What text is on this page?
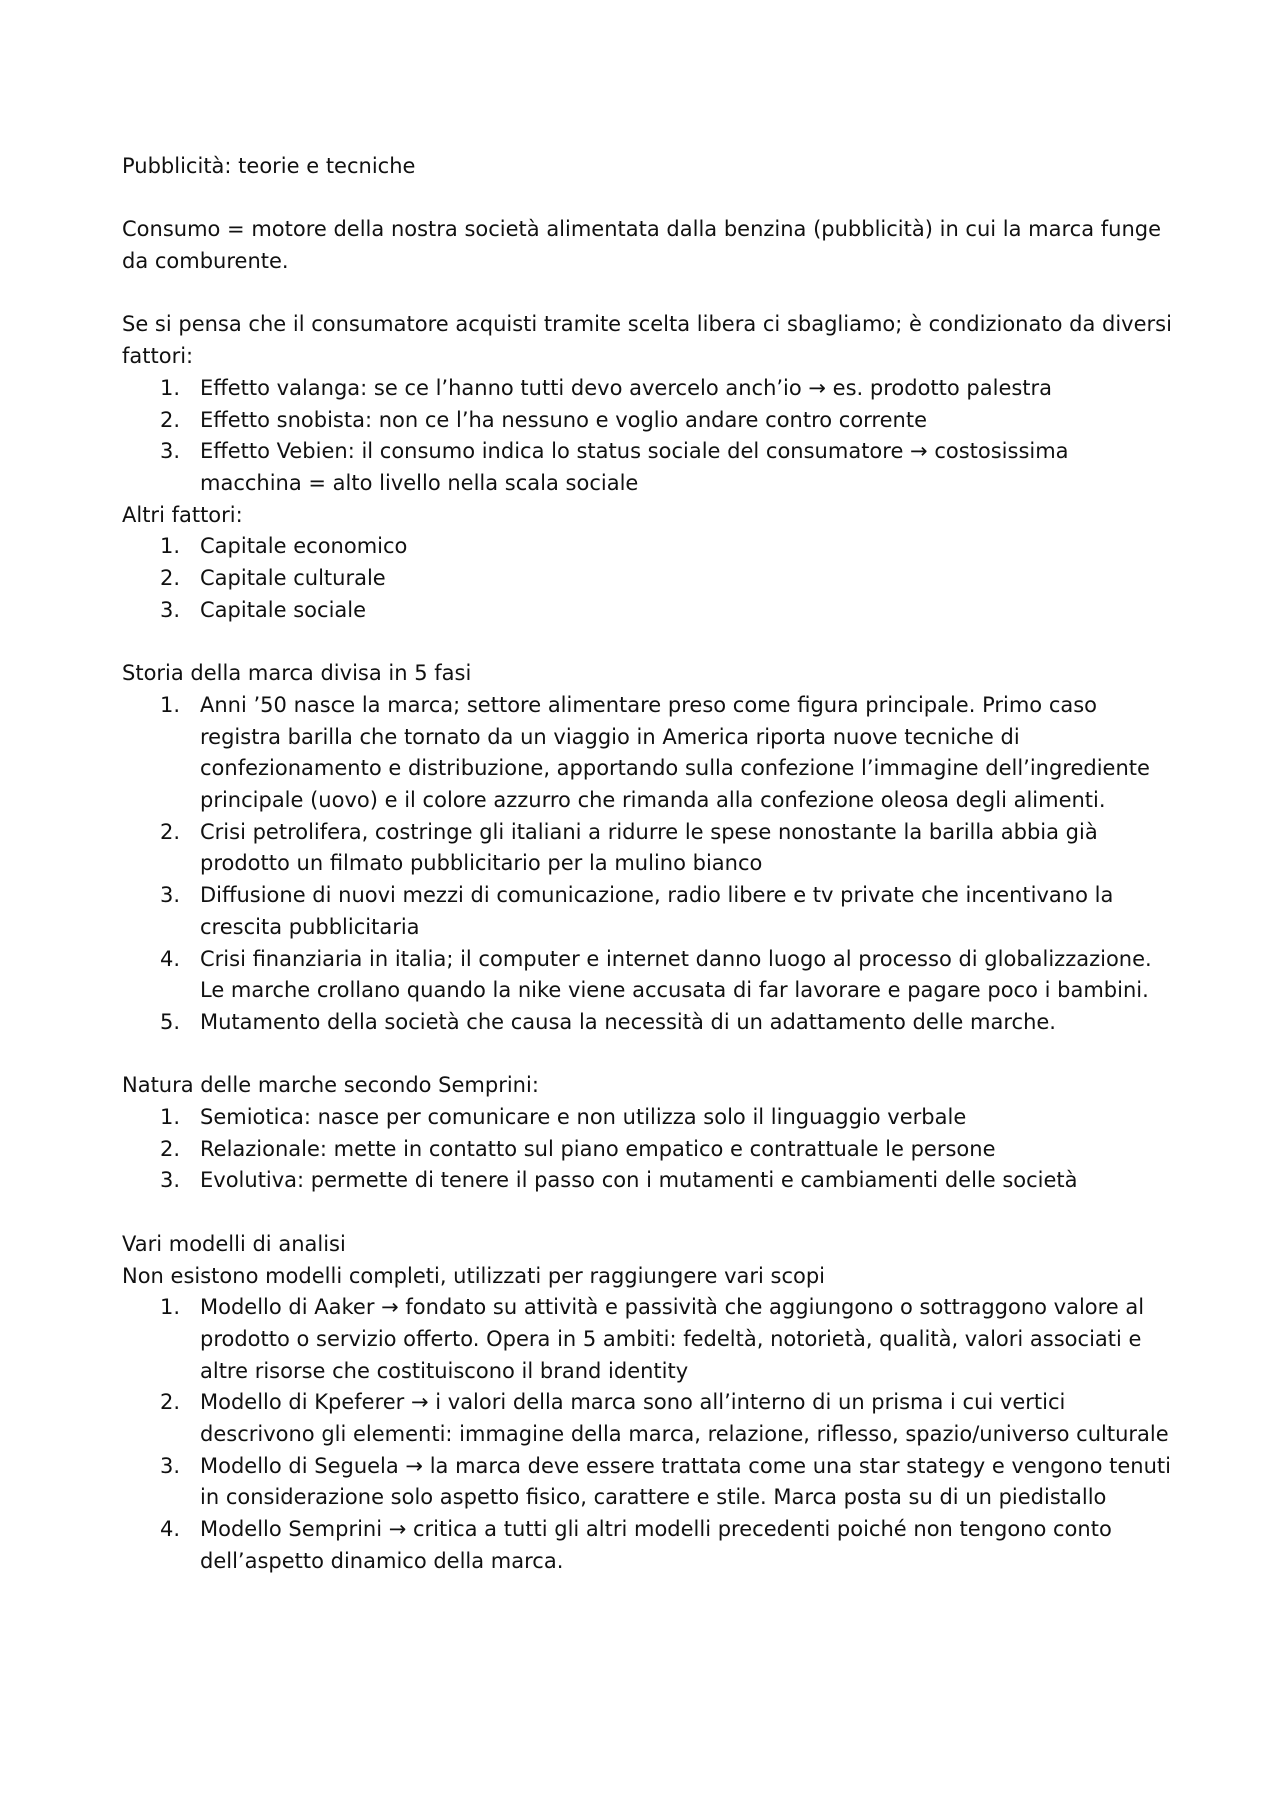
Pubblicità: teorie e tecniche

Consumo = motore della nostra società alimentata dalla benzina (pubblicità) in cui la marca funge da comburente.

Se si pensa che il consumatore acquisti tramite scelta libera ci sbagliamo; è condizionato da diversi fattori:

1. Effetto valanga: se ce l’hanno tutti devo avercelo anch’io → es. prodotto palestra
2. Effetto snobista: non ce l’ha nessuno e voglio andare contro corrente
3. Effetto Vebien: il consumo indica lo status sociale del consumatore → costosissima macchina = alto livello nella scala sociale

Altri fattori:

1. Capitale economico
2. Capitale culturale
3. Capitale sociale

Storia della marca divisa in 5 fasi

1. Anni ’50 nasce la marca; settore alimentare preso come figura principale. Primo caso registra barilla che tornato da un viaggio in America riporta nuove tecniche di confezionamento e distribuzione, apportando sulla confezione l’immagine dell’ingrediente principale (uovo) e il colore azzurro che rimanda alla confezione oleosa degli alimenti.
2. Crisi petrolifera, costringe gli italiani a ridurre le spese nonostante la barilla abbia già prodotto un filmato pubblicitario per la mulino bianco
3. Diffusione di nuovi mezzi di comunicazione, radio libere e tv private che incentivano la crescita pubblicitaria
4. Crisi finanziaria in italia; il computer e internet danno luogo al processo di globalizzazione. Le marche crollano quando la nike viene accusata di far lavorare e pagare poco i bambini.
5. Mutamento della società che causa la necessità di un adattamento delle marche.

Natura delle marche secondo Semprini:

1. Semiotica: nasce per comunicare e non utilizza solo il linguaggio verbale
2. Relazionale: mette in contatto sul piano empatico e contrattuale le persone
3. Evolutiva: permette di tenere il passo con i mutamenti e cambiamenti delle società

Vari modelli di analisi

Non esistono modelli completi, utilizzati per raggiungere vari scopi

1. Modello di Aaker → fondato su attività e passività che aggiungono o sottraggono valore al prodotto o servizio offerto. Opera in 5 ambiti: fedeltà, notorietà, qualità, valori associati e altre risorse che costituiscono il brand identity
2. Modello di Kpeferer → i valori della marca sono all’interno di un prisma i cui vertici descrivono gli elementi: immagine della marca, relazione, riflesso, spazio/universo culturale
3. Modello di Seguela → la marca deve essere trattata come una star stategy e vengono tenuti in considerazione solo aspetto fisico, carattere e stile. Marca posta su di un piedistallo
4. Modello Semprini → critica a tutti gli altri modelli precedenti poiché non tengono conto dell’aspetto dinamico della marca.
